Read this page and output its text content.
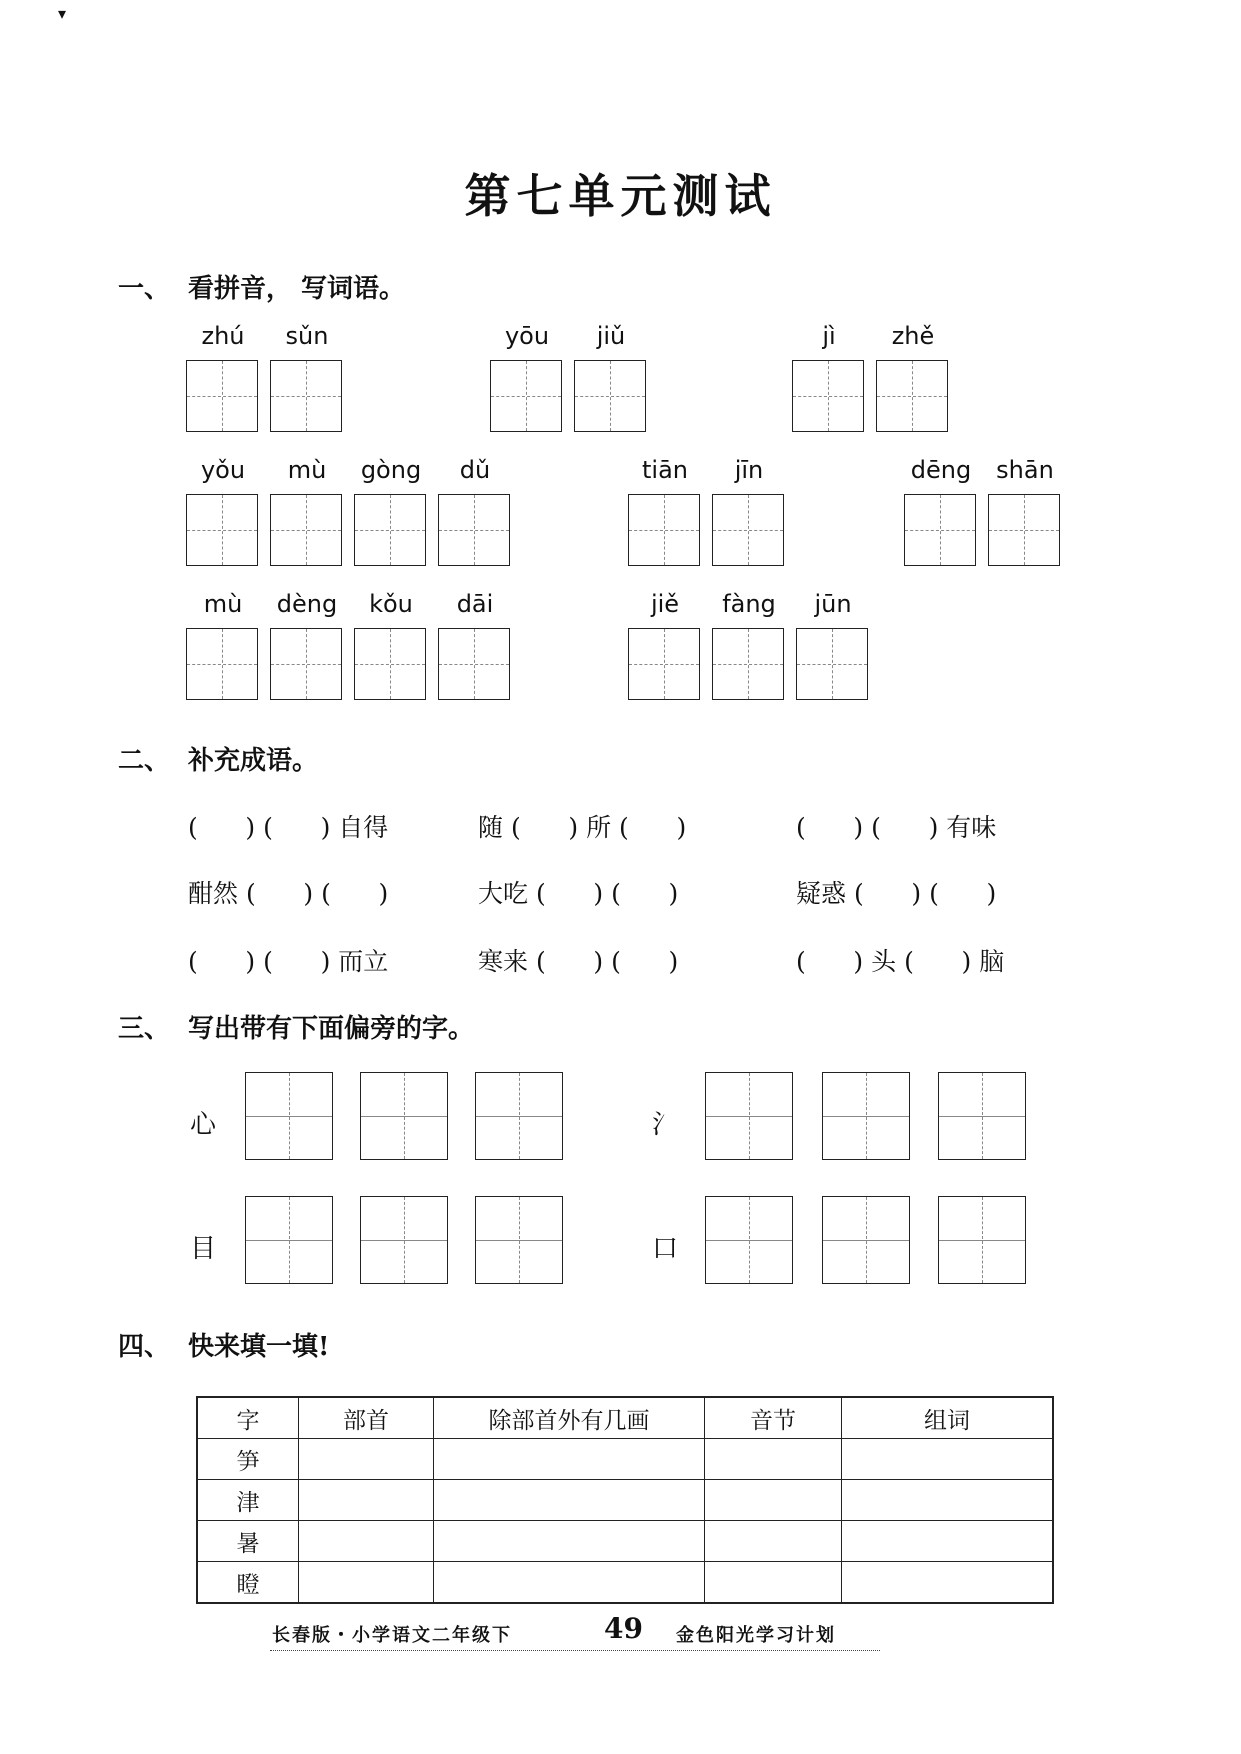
▾
第七单元测试
一、 看拼音， 写词语。
zhú	sǔn	yōu	jiǔ	jì	zhě
yǒu	mù	gòng	dǔ	tiān	jīn	dēng	shān
mù	dèng	kǒu	dāi	jiě	fàng	jūn
二、 补充成语。
(      ) (      ) 自得	随 (      ) 所 (      )	(      ) (      ) 有味
酣然 (      ) (      )	大吃 (      ) (      )	疑惑 (      ) (      )
(      ) (      ) 而立	寒来 (      ) (      )	(      ) 头 (      ) 脑
三、 写出带有下面偏旁的字。
心	氵
目	口
四、 快来填一填!
字	部首	除部首外有几画	音节	组词
笋				
津				
暑				
瞪				
长春版・小学语文二年级下	49 金色阳光学习计划
